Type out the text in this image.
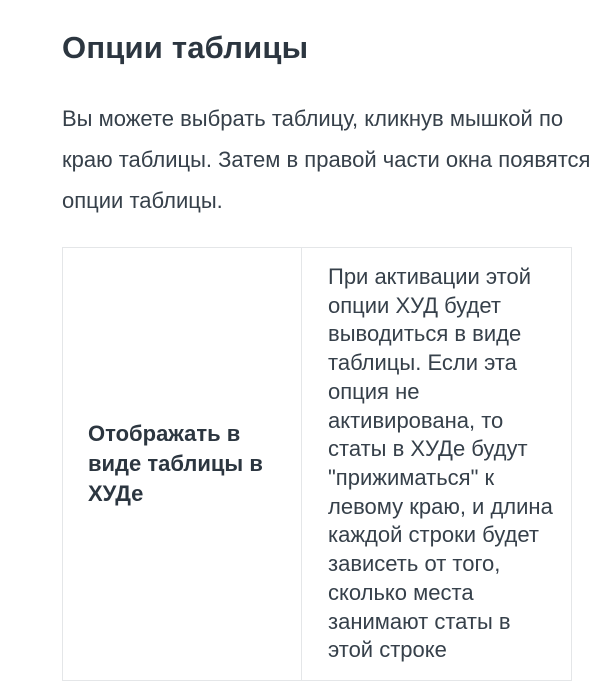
Опции таблицы

Вы можете выбрать таблицу, кликнув мышкой по краю таблицы. Затем в правой части окна появятся опции таблицы.

Отображать в виде таблицы в ХУДе	При активации этой опции ХУД будет выводиться в виде таблицы. Если эта опция не активирована, то статы в ХУДе будут "прижиматься" к левому краю, и длина каждой строки будет зависеть от того, сколько места занимают статы в этой строке
